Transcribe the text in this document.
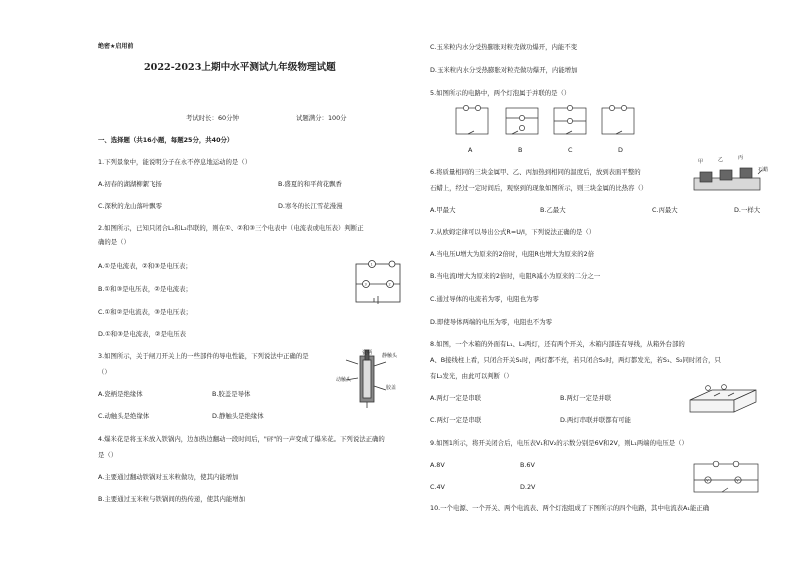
绝密★启用前
2022-2023上期中水平测试九年级物理试题
考试时长：60分钟	试题满分：100分
一、选择题（共16小题，每题25分，共40分）
1.下列景象中，能说明分子在永不停息地运动的是（）
A.初春的湖湖柳絮飞扬	B.盛夏的和平荷花飘香
C.深秋的龙山落叶飘零	D.寒冬的长江雪花漫漫
2.如图所示，已知只闭合L₁和L₂串联的，则在①、②和③三个电表中（电流表或电压表）判断正
确的是（）
A.①是电流表，②和③是电压表；
B.①和③是电压表，②是电流表；
C.①和②是电流表，③是电压表；
D.①和③是电流表，②是电压表
1
2
3
3.如图所示，关于闸刀开关上的一些部件的导电性能，下列说法中正确的是
（）
A.瓷柄是绝缘体	B.胶盖是导体
C.动触头是绝缘体	D.静触头是绝缘体
瓷柄 静触头
动触头
胶盖
4.爆米花是将玉米放入铁锅内，边加热边翻动一段时间后，"砰"的一声变成了爆米花。下列说法正确的
是（）
A.主要通过翻动铁锅对玉米粒做功，使其内能增加
B.主要通过玉米粒与铁锅间的热传递，使其内能增加
C.玉米粒内水分受热膨胀对粒壳做功爆开，内能不变
D.玉米粒内水分受热膨胀对粒壳做功爆开，内能增加
5.如图所示的电路中，两个灯泡属于并联的是（）
A	B	C	D
6.将质量相同的三块金属甲、乙、丙加热到相同的温度后，放到表面平整的
石蜡上，经过一定时间后，观察到的现象如图所示，则三块金属的比热容（）
甲	乙	丙
石蜡
A.甲最大	B.乙最大	C.丙最大	D.一样大
7.从欧姆定律可以导出公式R=U/I，下列说法正确的是（）
A.当电压U增大为原来的2倍时，电阻R也增大为原来的2倍
B.当电流I增大为原来的2倍时，电阻R减小为原来的二分之一
C.通过导体的电流若为零，电阻也为零
D.即使导体两端的电压为零，电阻也不为零
8.如图，一个木箱的外面有L₁、L₂两灯，还有两个开关，木箱内部连有导线，从箱外台部的
A、B接线柱上看，只闭合开关S₁时，两灯都不亮，若只闭合S₂时，两灯都发光，若S₁、S₂同时闭合，只
有L₂发光，由此可以判断（）
A.两灯一定是串联	B.两灯一定是并联
C.两灯一定是串联	D.两灯串联并联都有可能
9.如图1所示，将开关闭合后，电压表V₁和V₂的示数分别是6V和2V，则L₁两端的电压是（）
A.8V	B.6V
C.4V	D.2V
V	V
10.一个电源、一个开关、两个电流表、两个灯泡组成了下图所示的四个电路，其中电流表A₁能正确
